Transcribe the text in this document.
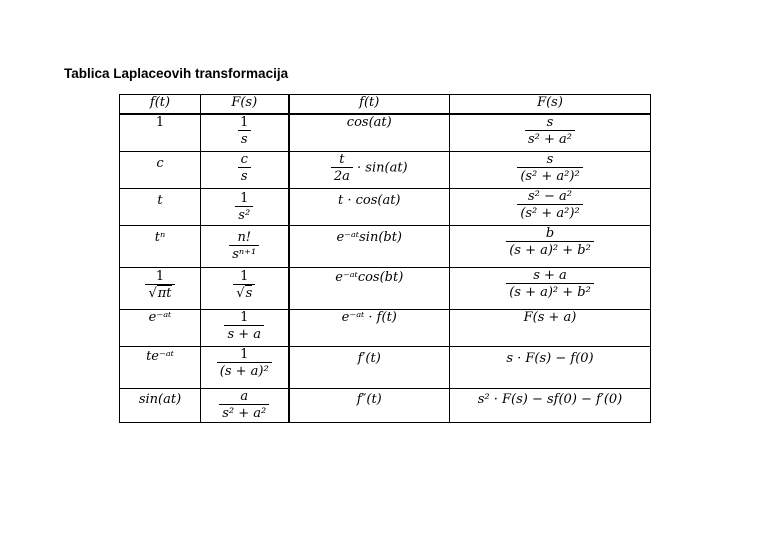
Tablica Laplaceovih transformacija
f(t)	F(s)	f(t)	F(s)
1	$\frac{1}{s}$	cos(at)	$\frac{s}{\text{s² + a²}}$

c	$\frac{c}{s}$	$\frac{t}{2a} \cdot \sin(at)$	$\frac{s}{\text{(s² + a²)²}}$

t	$\frac{1}{\text{s²}}$	t · cos(at)	$\frac{\text{s² − a²}}{\text{(s² + a²)²}}$

tⁿ	$\frac{n!}{\text{sⁿ⁺¹}}$	e⁻ᵃᵗsin(bt)	$\frac{b}{\text{(s + a)² + b²}}$

$\frac{1}{√\pi t}$	$\frac{1}{√s}$	e⁻ᵃᵗcos(bt)	$\frac{s + a}{\text{(s + a)² + b²}}$

e⁻ᵃᵗ	$\frac{1}{s + a}$	e⁻ᵃᵗ · f(t)	F(s + a)
te⁻ᵃᵗ	$\frac{1}{\text{(s + a)²}}$	f′(t)	s · F(s) − f(0)
sin(at)	$\frac{a}{\text{s² + a²}}$	f″(t)	s² · F(s) − sf(0) − f′(0)
